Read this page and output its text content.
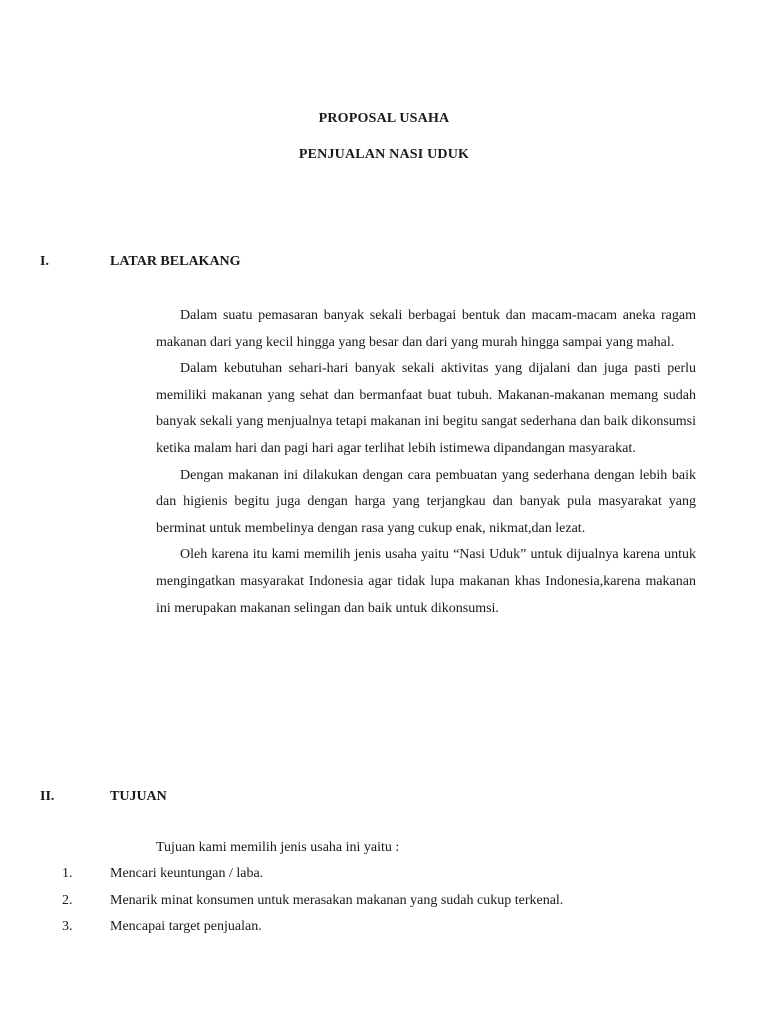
PROPOSAL USAHA
PENJUALAN NASI UDUK
I.	LATAR BELAKANG

Dalam suatu pemasaran banyak sekali berbagai bentuk dan macam-macam aneka ragam makanan dari yang kecil hingga yang besar dan dari yang murah hingga sampai yang mahal.

Dalam kebutuhan sehari-hari banyak sekali aktivitas yang dijalani dan juga pasti perlu memiliki makanan yang sehat dan bermanfaat buat tubuh. Makanan-makanan memang sudah banyak sekali yang menjualnya tetapi makanan ini begitu sangat sederhana dan baik dikonsumsi ketika malam hari dan pagi hari agar terlihat lebih istimewa dipandangan masyarakat.

Dengan makanan ini dilakukan dengan cara pembuatan yang sederhana dengan lebih baik dan higienis begitu juga dengan harga yang terjangkau dan banyak pula masyarakat yang berminat untuk membelinya dengan rasa yang cukup enak, nikmat,dan lezat.

Oleh karena itu kami memilih jenis usaha yaitu “Nasi Uduk” untuk dijualnya karena untuk mengingatkan masyarakat Indonesia agar tidak lupa makanan khas Indonesia,karena makanan ini merupakan makanan selingan dan baik untuk dikonsumsi.

II.	TUJUAN
Tujuan kami memilih jenis usaha ini yaitu :
1.	Mencari keuntungan / laba.
2.	Menarik minat konsumen untuk merasakan makanan yang sudah cukup terkenal.
3.	Mencapai target penjualan.
